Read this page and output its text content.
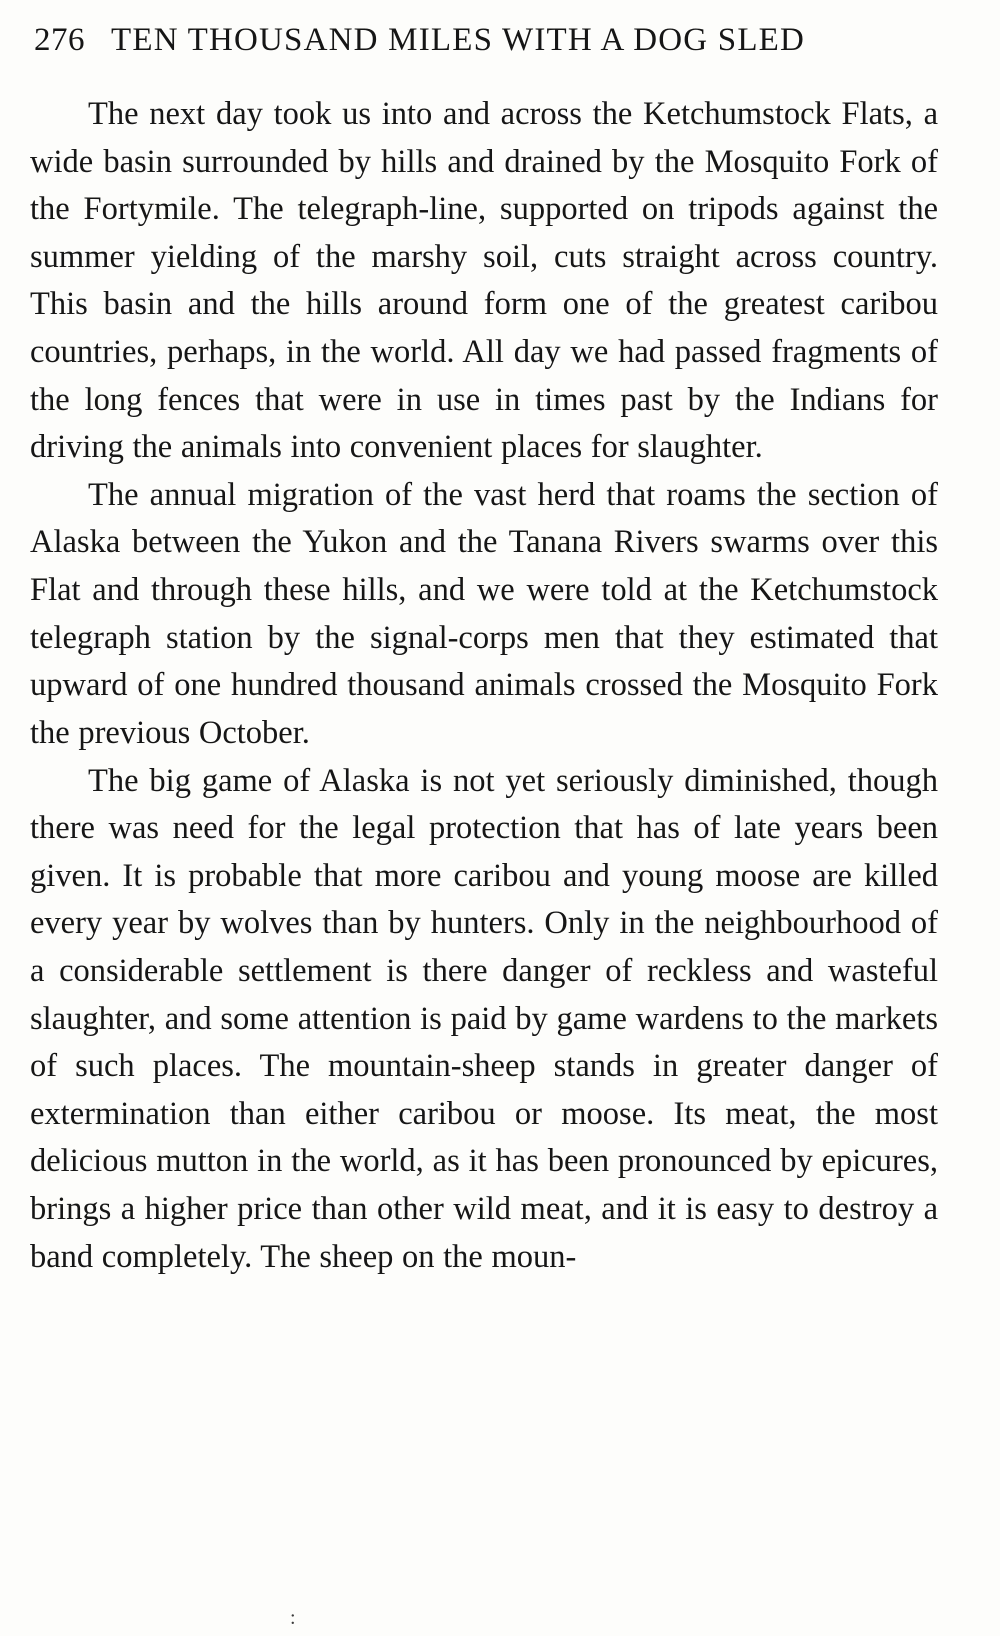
276 TEN THOUSAND MILES WITH A DOG SLED

The next day took us into and across the Ketchumstock Flats, a wide basin surrounded by hills and drained by the Mosquito Fork of the Fortymile. The telegraph-line, supported on tripods against the summer yielding of the marshy soil, cuts straight across country. This basin and the hills around form one of the greatest caribou countries, perhaps, in the world. All day we had passed fragments of the long fences that were in use in times past by the Indians for driving the animals into convenient places for slaughter.

The annual migration of the vast herd that roams the section of Alaska between the Yukon and the Tanana Rivers swarms over this Flat and through these hills, and we were told at the Ketchumstock telegraph station by the signal-corps men that they estimated that upward of one hundred thousand animals crossed the Mosquito Fork the previous October.

The big game of Alaska is not yet seriously diminished, though there was need for the legal protection that has of late years been given. It is probable that more caribou and young moose are killed every year by wolves than by hunters. Only in the neighbourhood of a considerable settlement is there danger of reckless and wasteful slaughter, and some attention is paid by game wardens to the markets of such places. The mountain-sheep stands in greater danger of extermination than either caribou or moose. Its meat, the most delicious mutton in the world, as it has been pronounced by epicures, brings a higher price than other wild meat, and it is easy to destroy a band completely. The sheep on the moun-

:
